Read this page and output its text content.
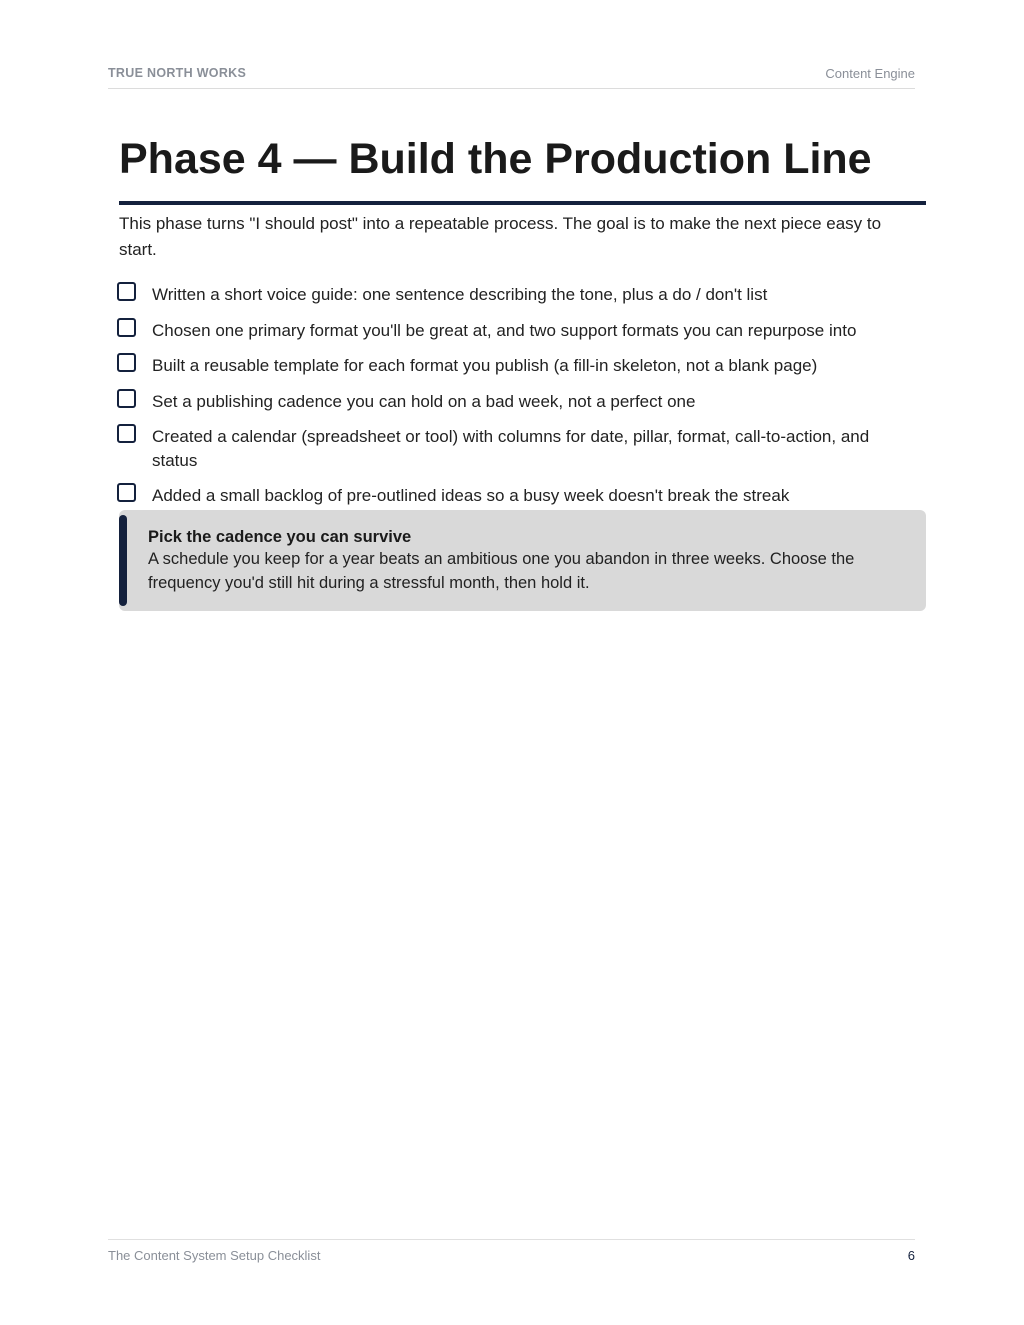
TRUE NORTH WORKS	Content Engine
Phase 4 — Build the Production Line

This phase turns "I should post" into a repeatable process. The goal is to make the next piece easy to start.

Written a short voice guide: one sentence describing the tone, plus a do / don't list
Chosen one primary format you'll be great at, and two support formats you can repurpose into
Built a reusable template for each format you publish (a fill-in skeleton, not a blank page)
Set a publishing cadence you can hold on a bad week, not a perfect one
Created a calendar (spreadsheet or tool) with columns for date, pillar, format, call-to-action, and status
Added a small backlog of pre-outlined ideas so a busy week doesn't break the streak
Pick the cadence you can survive

A schedule you keep for a year beats an ambitious one you abandon in three weeks. Choose the frequency you'd still hit during a stressful month, then hold it.

The Content System Setup Checklist	6
